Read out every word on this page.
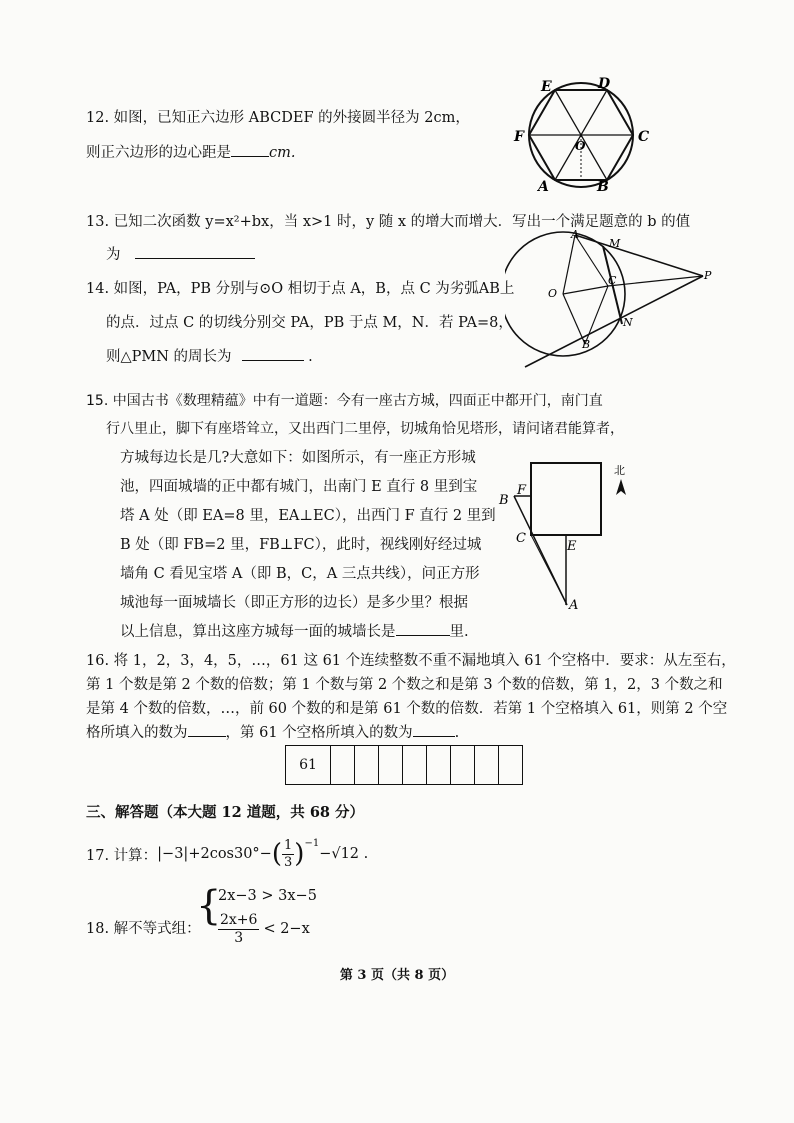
12. 如图，已知正六边形 ABCDEF 的外接圆半径为 2cm，
则正六边形的边心距是	cm.
E	D
F	C
A	B
O
13. 已知二次函数 y=x²+bx，当 x>1 时，y 随 x 的增大而增大．写出一个满足题意的 b 的值
为
14. 如图，PA，PB 分别与⊙O 相切于点 A，B，点 C 为劣弧AB上
的点．过点 C 的切线分别交 PA，PB 于点 M，N．若 PA=8，
则△PMN 的周长为	.
A
M
P
O
C
N
B
15. 中国古书《数理精蕴》中有一道题：今有一座古方城，四面正中都开门，南门直
行八里止，脚下有座塔耸立，又出西门二里停，切城角恰见塔形，请问诸君能算者，
方城每边长是几?大意如下：如图所示，有一座正方形城
池，四面城墙的正中都有城门，出南门 E 直行 8 里到宝
塔 A 处（即 EA=8 里，EA⊥EC），出西门 F 直行 2 里到
B 处（即 FB=2 里，FB⊥FC），此时，视线刚好经过城
墙角 C 看见宝塔 A（即 B，C，A 三点共线），问正方形
城池每一面城墙长（即正方形的边长）是多少里？根据
以上信息，算出这座方城每一面的城墙长是	里.
B
F
C
E
A
北
16. 将 1，2，3，4，5，…，61 这 61 个连续整数不重不漏地填入 61 个空格中．要求：从左至右，
第 1 个数是第 2 个数的倍数；第 1 个数与第 2 个数之和是第 3 个数的倍数，第 1，2，3 个数之和
是第 4 个数的倍数，…，前 60 个数的和是第 61 个数的倍数．若第 1 个空格填入 61，则第 2 个空
格所填入的数为	，第 61 个空格所填入的数为	.
61								
三、解答题（本大题 12 道题，共 68 分）
17. 计算： |−3|+2cos30°− ( $\frac{1}{3} )^{-1}$
−√12 .
18. 解不等式组：
{
2x−3 > 3x−5
$\frac{2x+6}{3} < 2-x$
第 3 页（共 8 页）
